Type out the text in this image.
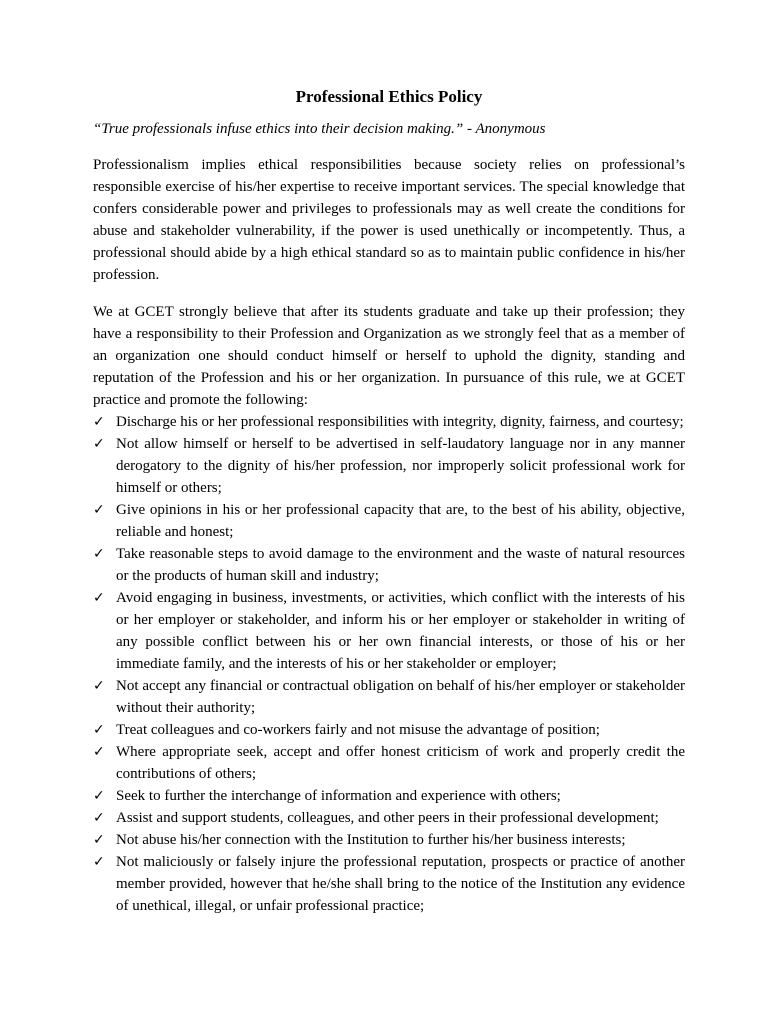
Professional Ethics Policy
“True professionals infuse ethics into their decision making.” - Anonymous

Professionalism implies ethical responsibilities because society relies on professional’s responsible exercise of his/her expertise to receive important services. The special knowledge that confers considerable power and privileges to professionals may as well create the conditions for abuse and stakeholder vulnerability, if the power is used unethically or incompetently. Thus, a professional should abide by a high ethical standard so as to maintain public confidence in his/her profession.

We at GCET strongly believe that after its students graduate and take up their profession; they have a responsibility to their Profession and Organization as we strongly feel that as a member of an organization one should conduct himself or herself to uphold the dignity, standing and reputation of the Profession and his or her organization. In pursuance of this rule, we at GCET practice and promote the following:

✓ Discharge his or her professional responsibilities with integrity, dignity, fairness, and courtesy;
✓ Not allow himself or herself to be advertised in self-laudatory language nor in any manner derogatory to the dignity of his/her profession, nor improperly solicit professional work for himself or others;
✓ Give opinions in his or her professional capacity that are, to the best of his ability, objective, reliable and honest;
✓ Take reasonable steps to avoid damage to the environment and the waste of natural resources or the products of human skill and industry;
✓ Avoid engaging in business, investments, or activities, which conflict with the interests of his or her employer or stakeholder, and inform his or her employer or stakeholder in writing of any possible conflict between his or her own financial interests, or those of his or her immediate family, and the interests of his or her stakeholder or employer;
✓ Not accept any financial or contractual obligation on behalf of his/her employer or stakeholder without their authority;
✓ Treat colleagues and co-workers fairly and not misuse the advantage of position;
✓ Where appropriate seek, accept and offer honest criticism of work and properly credit the contributions of others;
✓ Seek to further the interchange of information and experience with others;
✓ Assist and support students, colleagues, and other peers in their professional development;
✓ Not abuse his/her connection with the Institution to further his/her business interests;
✓ Not maliciously or falsely injure the professional reputation, prospects or practice of another member provided, however that he/she shall bring to the notice of the Institution any evidence of unethical, illegal, or unfair professional practice;
